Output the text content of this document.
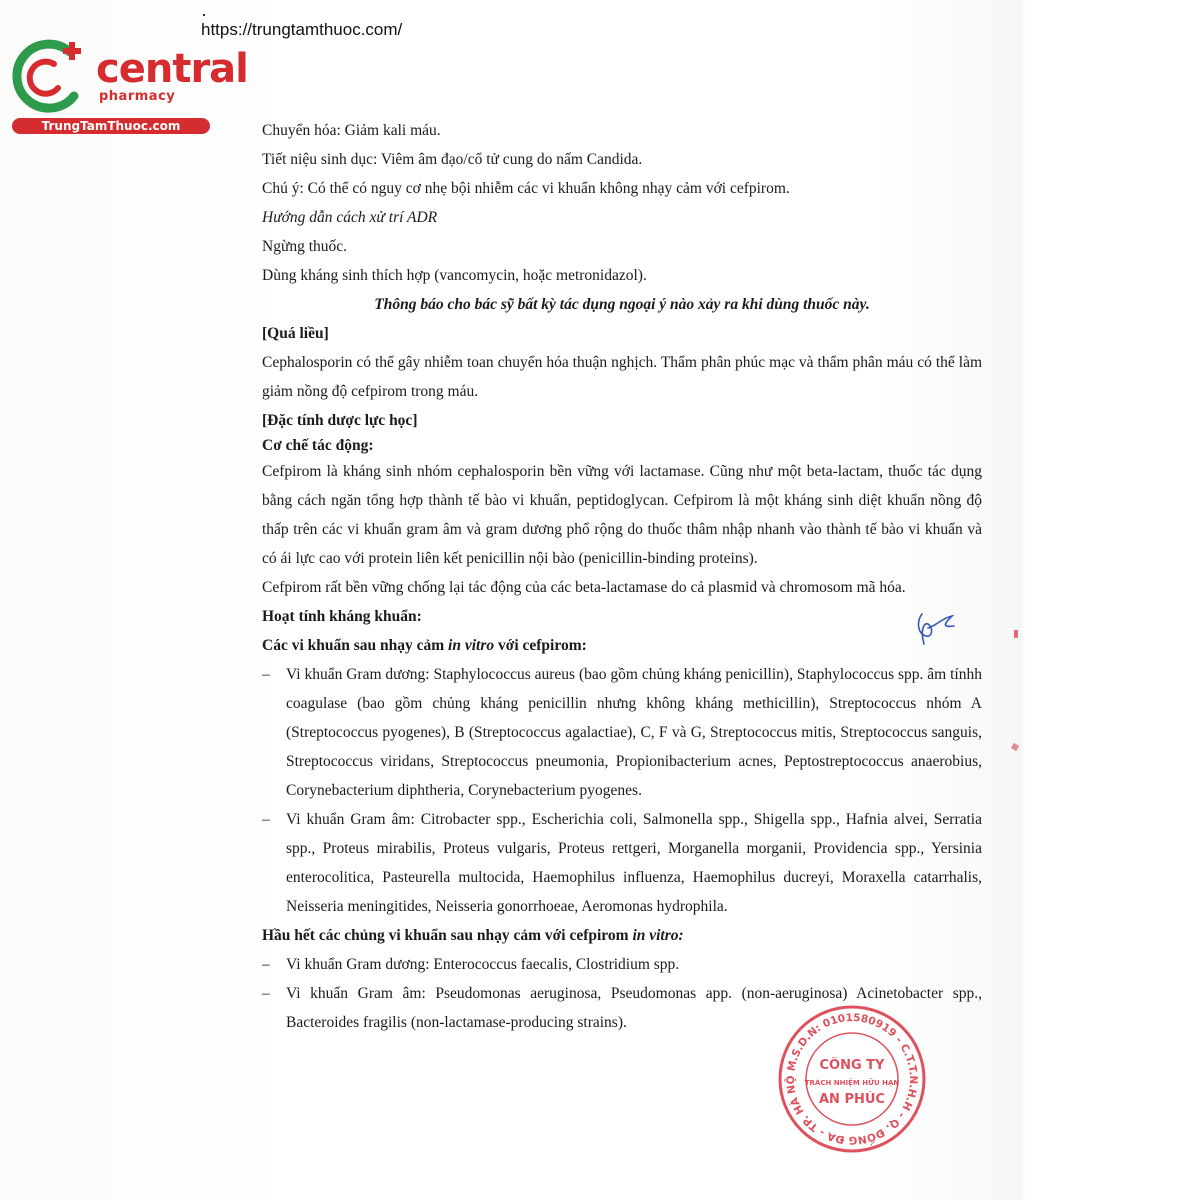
https://trungtamthuoc.com/
central
pharmacy
TrungTamThuoc.com	Chuyển hóa: Giảm kali máu.

Tiết niệu sinh dục: Viêm âm đạo/cổ tử cung do nấm Candida.

Chú ý: Có thể có nguy cơ nhẹ bội nhiễm các vi khuẩn không nhạy cảm với cefpirom.

Hướng dẫn cách xử trí ADR

Ngừng thuốc.

Dùng kháng sinh thích hợp (vancomycin, hoặc metronidazol).

Thông báo cho bác sỹ bất kỳ tác dụng ngoại ý nào xảy ra khi dùng thuốc này.

[Quá liều]

Cephalosporin có thể gây nhiễm toan chuyển hóa thuận nghịch. Thẩm phân phúc mạc và thẩm phân máu có thể làm giảm nồng độ cefpirom trong máu.

[Đặc tính dược lực học]

Cơ chế tác động:

Cefpirom là kháng sinh nhóm cephalosporin bền vững với lactamase. Cũng như một beta-lactam, thuốc tác dụng bằng cách ngăn tổng hợp thành tế bào vi khuẩn, peptidoglycan. Cefpirom là một kháng sinh diệt khuẩn nồng độ thấp trên các vi khuẩn gram âm và gram dương phổ rộng do thuốc thâm nhập nhanh vào thành tế bào vi khuẩn và có ái lực cao với protein liên kết penicillin nội bào (penicillin-binding proteins).

Cefpirom rất bền vững chống lại tác động của các beta-lactamase do cả plasmid và chromosom mã hóa.

Hoạt tính kháng khuẩn:

Các vi khuẩn sau nhạy cảm in vitro với cefpirom:

– Vi khuẩn Gram dương: Staphylococcus aureus (bao gồm chủng kháng penicillin), Staphylococcus spp. âm tínhh coagulase (bao gồm chủng kháng penicillin nhưng không kháng methicillin), Streptococcus nhóm A (Streptococcus pyogenes), B (Streptococcus agalactiae), C, F và G, Streptococcus mitis, Streptococcus sanguis, Streptococcus viridans, Streptococcus pneumonia, Propionibacterium acnes, Peptostreptococcus anaerobius, Corynebacterium diphtheria, Corynebacterium pyogenes.
– Vi khuẩn Gram âm: Citrobacter spp., Escherichia coli, Salmonella spp., Shigella spp., Hafnia alvei, Serratia spp., Proteus mirabilis, Proteus vulgaris, Proteus rettgeri, Morganella morganii, Providencia spp., Yersinia enterocolitica, Pasteurella multocida, Haemophilus influenza, Haemophilus ducreyi, Moraxella catarrhalis, Neisseria meningitides, Neisseria gonorrhoeae, Aeromonas hydrophila.

Hầu hết các chủng vi khuẩn sau nhạy cảm với cefpirom in vitro:

– Vi khuẩn Gram dương: Enterococcus faecalis, Clostridium spp.
– Vi khuẩn Gram âm: Pseudomonas aeruginosa, Pseudomonas app. (non-aeruginosa) Acinetobacter spp., Bacteroides fragilis (non-lactamase-producing strains).
M.S.D.N: 0101580919 - C.T.T.N.H.H - Q. ĐỐNG ĐA - TP. HÀ NỘ
CÔNG TY
TRÁCH NHIỆM HỮU HẠN
AN PHÚC
